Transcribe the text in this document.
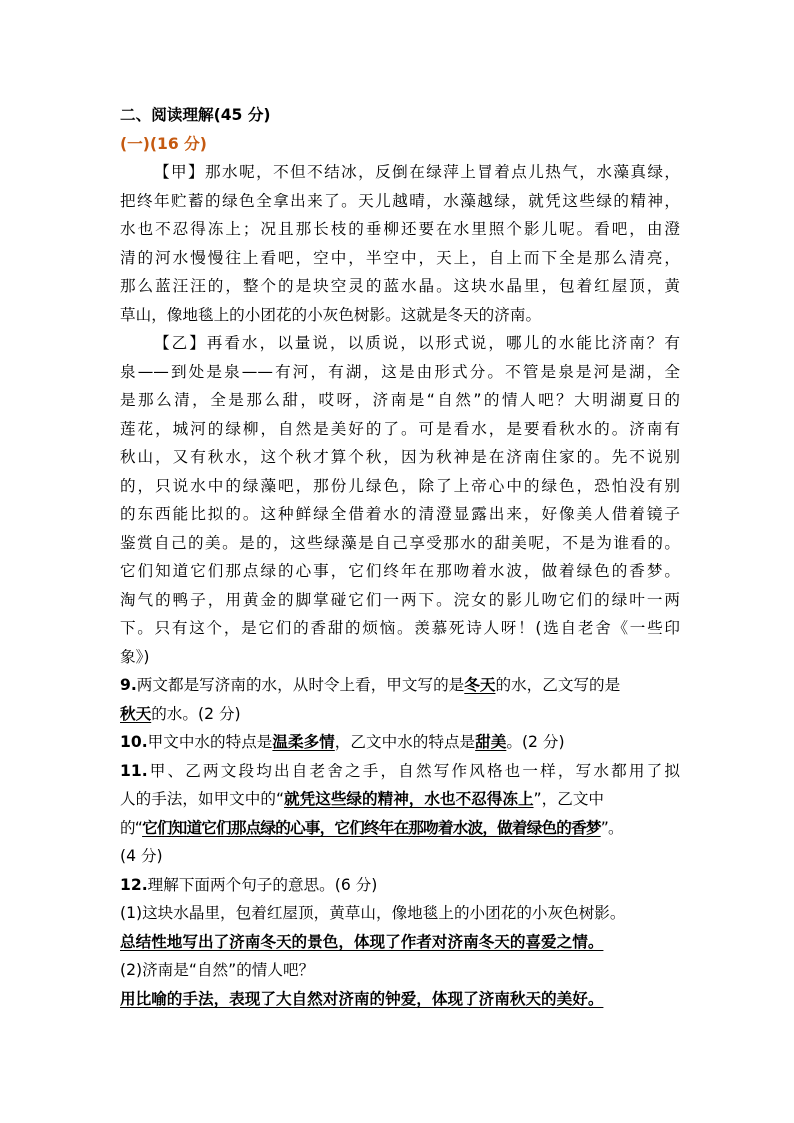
二、阅读理解(45 分)
(一)(16 分)
【甲】那水呢，不但不结冰，反倒在绿萍上冒着点儿热气，水藻真绿，
把终年贮蓄的绿色全拿出来了。天儿越晴，水藻越绿，就凭这些绿的精神，
水也不忍得冻上；况且那长枝的垂柳还要在水里照个影儿呢。看吧，由澄
清的河水慢慢往上看吧，空中，半空中，天上，自上而下全是那么清亮，
那么蓝汪汪的，整个的是块空灵的蓝水晶。这块水晶里，包着红屋顶，黄
草山，像地毯上的小团花的小灰色树影。这就是冬天的济南。
【乙】再看水，以量说，以质说，以形式说，哪儿的水能比济南？有
泉——到处是泉——有河，有湖，这是由形式分。不管是泉是河是湖，全
是那么清，全是那么甜，哎呀，济南是“自然”的情人吧？大明湖夏日的
莲花，城河的绿柳，自然是美好的了。可是看水，是要看秋水的。济南有
秋山，又有秋水，这个秋才算个秋，因为秋神是在济南住家的。先不说别
的，只说水中的绿藻吧，那份儿绿色，除了上帝心中的绿色，恐怕没有别
的东西能比拟的。这种鲜绿全借着水的清澄显露出来，好像美人借着镜子
鉴赏自己的美。是的，这些绿藻是自己享受那水的甜美呢，不是为谁看的。
它们知道它们那点绿的心事，它们终年在那吻着水波，做着绿色的香梦。
淘气的鸭子，用黄金的脚掌碰它们一两下。浣女的影儿吻它们的绿叶一两
下。只有这个，是它们的香甜的烦恼。羡慕死诗人呀！(选自老舍《一些印
象》)
9.两文都是写济南的水，从时令上看，甲文写的是冬天的水，乙文写的是
秋天的水。(2 分)
10.甲文中水的特点是温柔多情，乙文中水的特点是甜美。(2 分)
11.甲、乙两文段均出自老舍之手，自然写作风格也一样，写水都用了拟
人的手法，如甲文中的“就凭这些绿的精神，水也不忍得冻上”，乙文中
的“它们知道它们那点绿的心事，它们终年在那吻着水波，做着绿色的香梦”。
(4 分)
12.理解下面两个句子的意思。(6 分)
(1)这块水晶里，包着红屋顶，黄草山，像地毯上的小团花的小灰色树影。
总结性地写出了济南冬天的景色，体现了作者对济南冬天的喜爱之情。
(2)济南是“自然”的情人吧？
用比喻的手法，表现了大自然对济南的钟爱，体现了济南秋天的美好。
